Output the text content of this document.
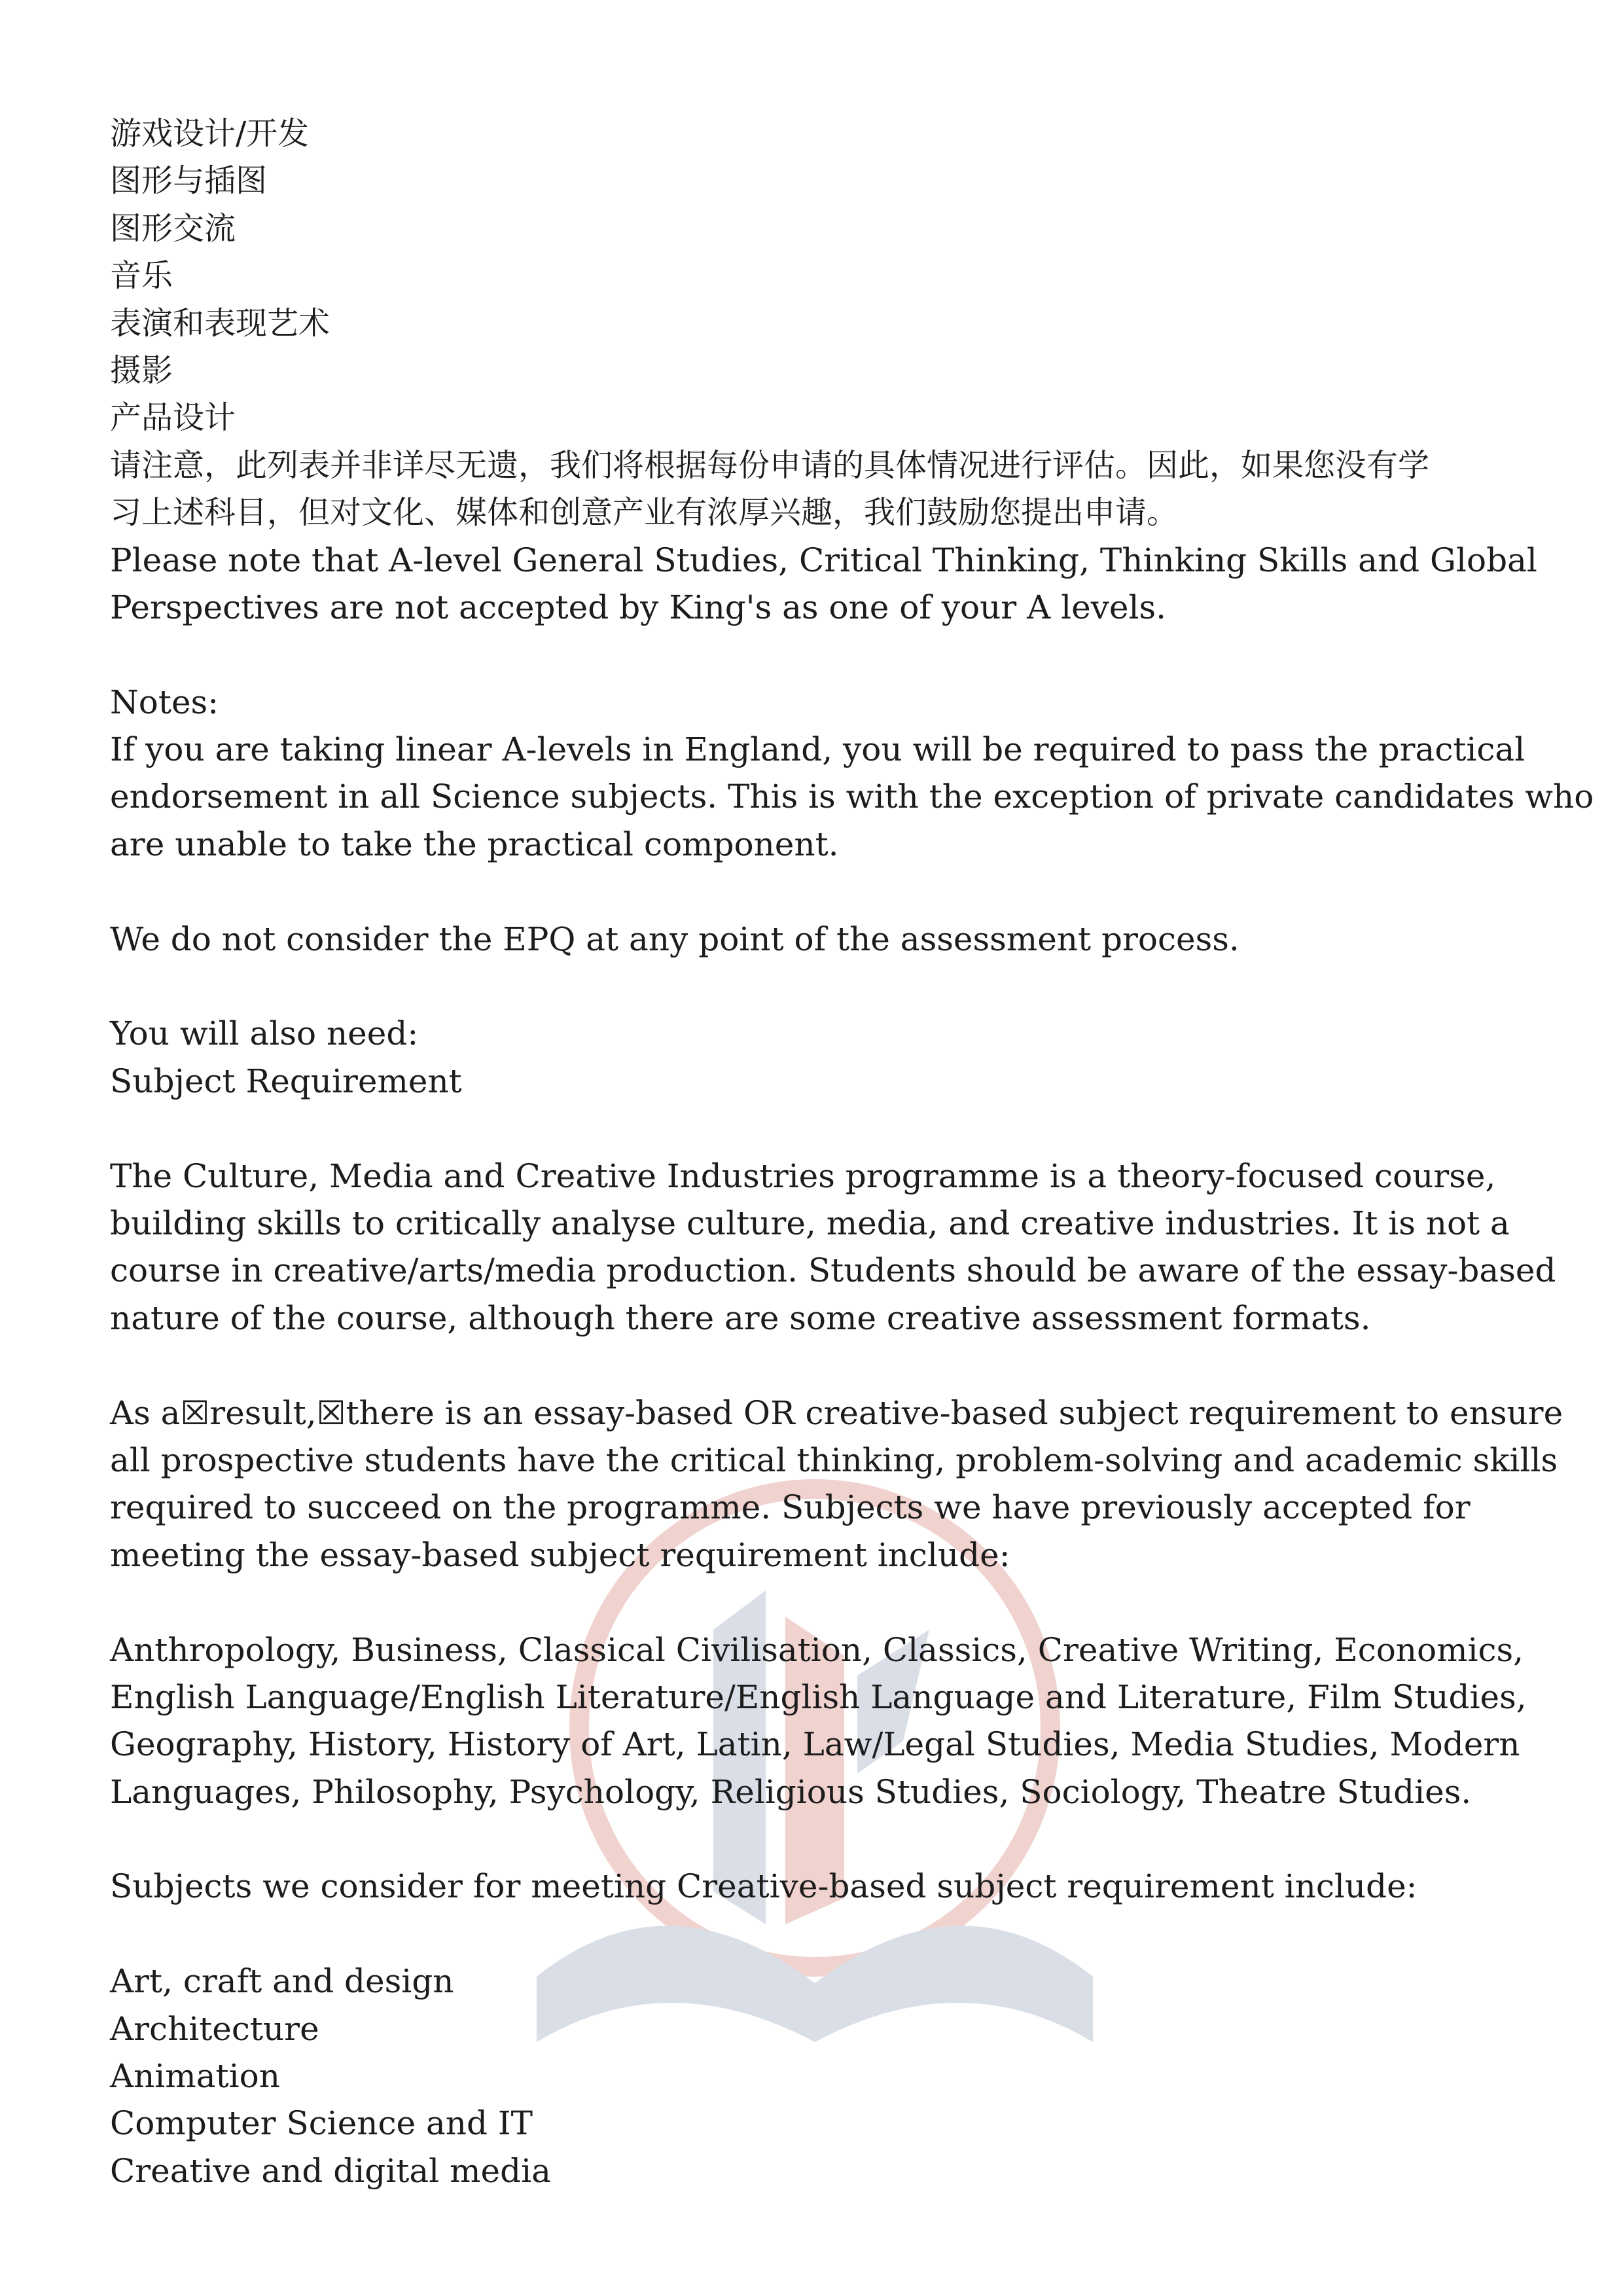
游戏设计/开发
图形与插图
图形交流
音乐
表演和表现艺术
摄影
产品设计
请注意，此列表并非详尽无遗，我们将根据每份申请的具体情况进行评估。因此，如果您没有学
习上述科目，但对文化、媒体和创意产业有浓厚兴趣，我们鼓励您提出申请。
Please note that A-level General Studies, Critical Thinking, Thinking Skills and Global
Perspectives are not accepted by King's as one of your A levels.
Notes:
If you are taking linear A-levels in England, you will be required to pass the practical
endorsement in all Science subjects. This is with the exception of private candidates who
are unable to take the practical component.
We do not consider the EPQ at any point of the assessment process.
You will also need:
Subject Requirement
The Culture, Media and Creative Industries programme is a theory-focused course,
building skills to critically analyse culture, media, and creative industries. It is not a
course in creative/arts/media production. Students should be aware of the essay-based
nature of the course, although there are some creative assessment formats.
As a☒result,☒there is an essay-based OR creative-based subject requirement to ensure
all prospective students have the critical thinking, problem-solving and academic skills
required to succeed on the programme. Subjects we have previously accepted for
meeting the essay-based subject requirement include:
Anthropology, Business, Classical Civilisation, Classics, Creative Writing, Economics,
English Language/English Literature/English Language and Literature, Film Studies,
Geography, History, History of Art, Latin, Law/Legal Studies, Media Studies, Modern
Languages, Philosophy, Psychology, Religious Studies, Sociology, Theatre Studies.
Subjects we consider for meeting Creative-based subject requirement include:
Art, craft and design
Architecture
Animation
Computer Science and IT
Creative and digital media
